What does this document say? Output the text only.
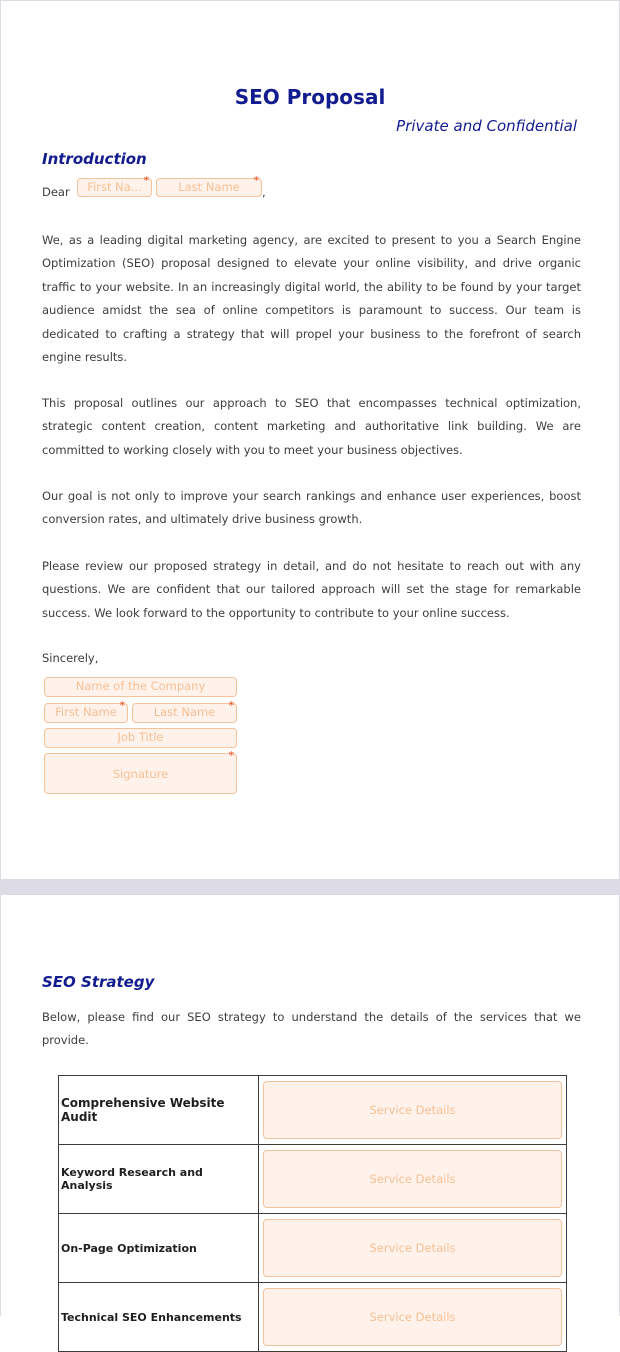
SEO Proposal

Private and Confidential

Introduction
Dear	First Na... *	Last Name *
,

We, as a leading digital marketing agency, are excited to present to you a Search Engine Optimization (SEO) proposal designed to elevate your online visibility, and drive organic traffic to your website. In an increasingly digital world, the ability to be found by your target audience amidst the sea of online competitors is paramount to success. Our team is dedicated to crafting a strategy that will propel your business to the forefront of search engine results.

This proposal outlines our approach to SEO that encompasses technical optimization, strategic content creation, content marketing and authoritative link building. We are committed to working closely with you to meet your business objectives.

Our goal is not only to improve your search rankings and enhance user experiences, boost conversion rates, and ultimately drive business growth.

Please review our proposed strategy in detail, and do not hesitate to reach out with any questions. We are confident that our tailored approach will set the stage for remarkable success. We look forward to the opportunity to contribute to your online success.

Sincerely,

Name of the Company
First Name *	Last Name *
Job Title
Signature
*
SEO Strategy

Below, please find our SEO strategy to understand the details of the services that we provide.

Comprehensive Website Audit	Service Details

Keyword Research and Analysis	Service Details

On-Page Optimization	Service Details

Technical SEO Enhancements	Service Details
